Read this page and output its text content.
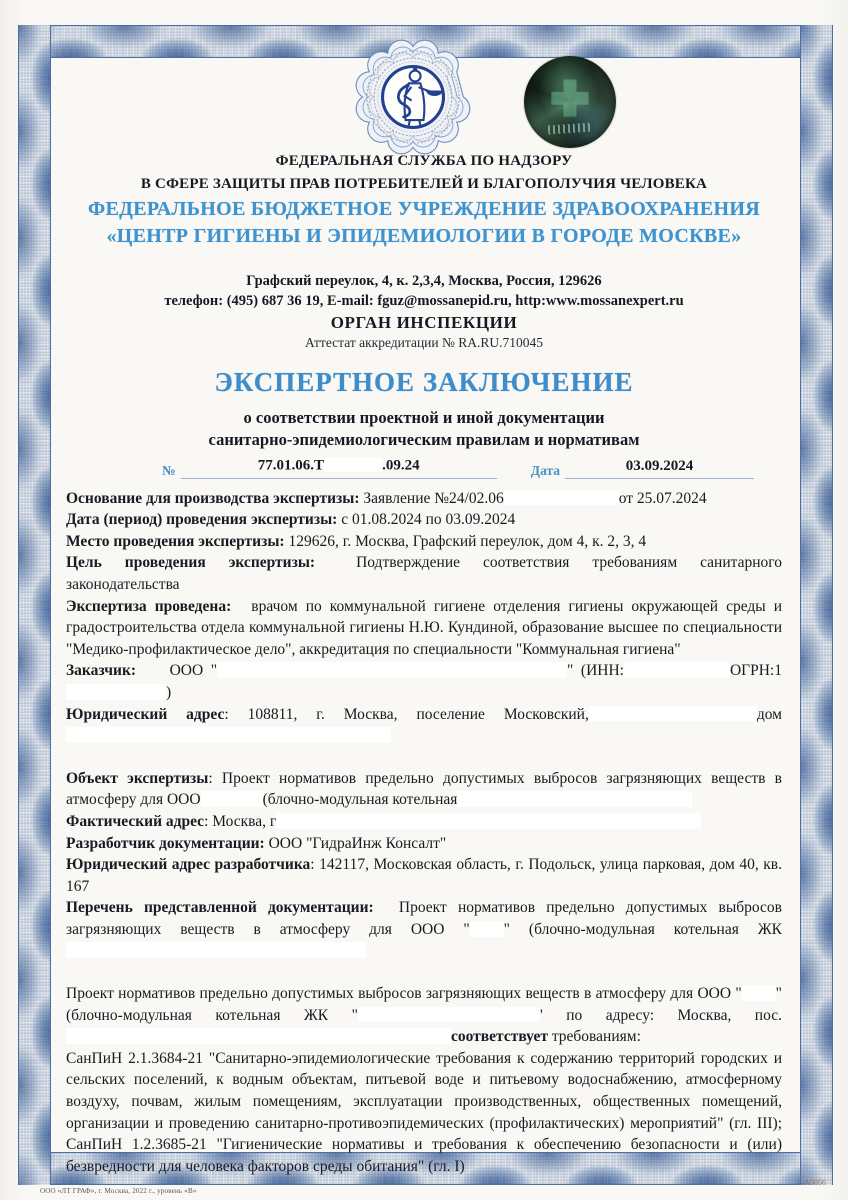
ФЕДЕРАЛЬНАЯ СЛУЖБА ПО НАДЗОРУ
В СФЕРЕ ЗАЩИТЫ ПРАВ ПОТРЕБИТЕЛЕЙ И БЛАГОПОЛУЧИЯ ЧЕЛОВЕКА
ФЕДЕРАЛЬНОЕ БЮДЖЕТНОЕ УЧРЕЖДЕНИЕ ЗДРАВООХРАНЕНИЯ
«ЦЕНТР ГИГИЕНЫ И ЭПИДЕМИОЛОГИИ В ГОРОДЕ МОСКВЕ»
Графский переулок, 4, к. 2,3,4, Москва, Россия, 129626
телефон: (495) 687 36 19, E-mail: fguz@mossanepid.ru, http:www.mossanexpert.ru
ОРГАН ИНСПЕКЦИИ
Аттестат аккредитации № RA.RU.710045
ЭКСПЕРТНОЕ ЗАКЛЮЧЕНИЕ
о соответствии проектной и иной документации
санитарно-эпидемиологическим правилам и нормативам
№	77.01.06.Т	.09.24	Дата	03.09.2024

Основание для производства экспертизы: Заявление №24/02.06	от 25.07.2024

Дата (период) проведения экспертизы: с 01.08.2024 по 03.09.2024

Место проведения экспертизы: 129626, г. Москва, Графский переулок, дом 4, к. 2, 3, 4

Цель проведения экспертизы: Подтверждение соответствия требованиям санитарного законодательства

Экспертиза проведена: врачом по коммунальной гигиене отделения гигиены окружающей среды и градостроительства отдела коммунальной гигиены Н.Ю. Кундиной, образование высшее по специальности "Медико-профилактическое дело", аккредитация по специальности "Коммунальная гигиена"

Заказчик: ООО "	" (ИНН:	ОГРН:1)

Юридический адрес: 108811, г. Москва, поселение Московский,	дом

Объект экспертизы: Проект нормативов предельно допустимых выбросов загрязняющих веществ в атмосферу для ООО	(блочно-модульная котельная

Фактический адрес: Москва, г

Разработчик документации: ООО "ГидраИнж Консалт"

Юридический адрес разработчика: 142117, Московская область, г. Подольск, улица парковая, дом 40, кв. 167

Перечень представленной документации: Проект нормативов предельно допустимых выбросов загрязняющих веществ в атмосферу для ООО " " (блочно-модульная котельная ЖК

Проект нормативов предельно допустимых выбросов загрязняющих веществ в атмосферу для ООО " " (блочно-модульная котельная ЖК "	' по адресу: Москва, пос.соответствует требованиям:

СанПиН 2.1.3684-21 "Санитарно-эпидемиологические требования к содержанию территорий городских и сельских поселений, к водным объектам, питьевой воде и питьевому водоснабжению, атмосферному воздуху, почвам, жилым помещениям, эксплуатации производственных, общественных помещений, организации и проведению санитарно-противоэпидемических (профилактических) мероприятий" (гл. III); СанПиН 1.2.3685-21 "Гигиенические нормативы и требования к обеспечению безопасности и (или) безвредности для человека факторов среды обитания" (гл. I)

ООО «ЛТ ГРАФ», г. Москва, 2022 г., уровень «В»
А5056
